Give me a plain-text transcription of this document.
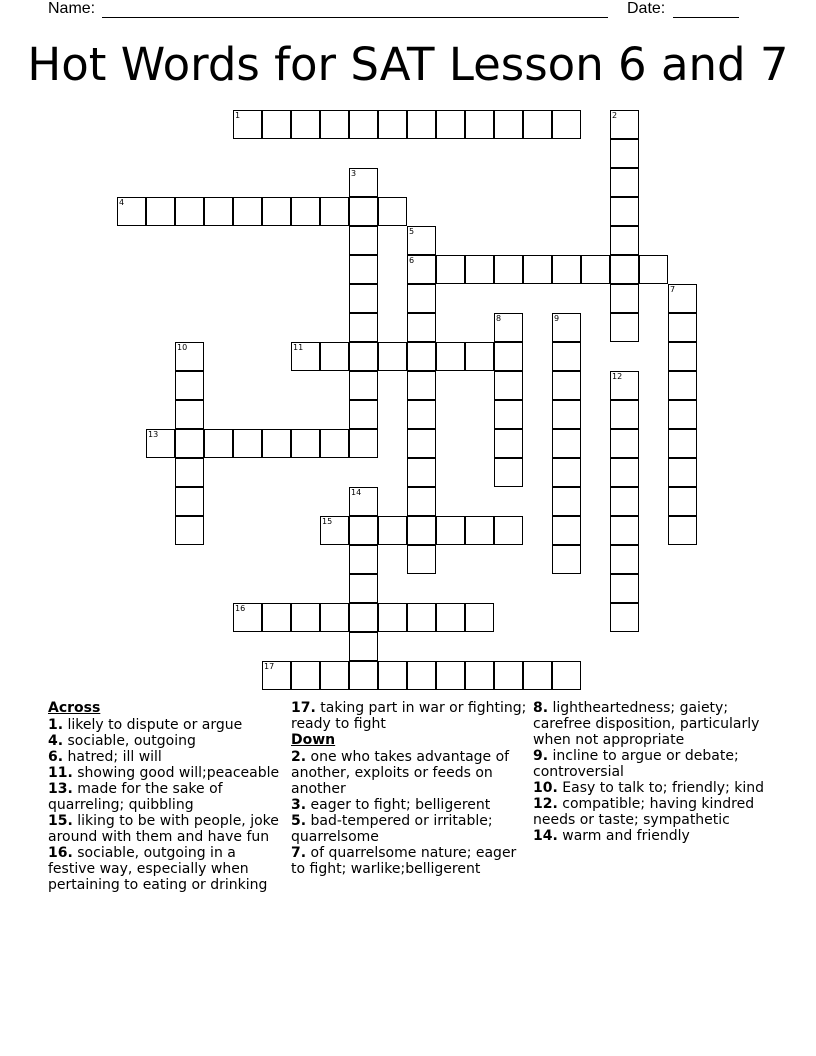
Name:	Date:
Hot Words for SAT Lesson 6 and 7
1	2
3
4
5
6
7
8	9
10	11
12
13
14
15
16
17
Across
1. likely to dispute or argue
4. sociable, outgoing
6. hatred; ill will
11. showing good will;peaceable
13. made for the sake of quarreling; quibbling
15. liking to be with people, joke around with them and have fun
16. sociable, outgoing in a festive way, especially when pertaining to eating or drinking
17. taking part in war or fighting; ready to fight
Down
2. one who takes advantage of another, exploits or feeds on another
3. eager to fight; belligerent
5. bad-tempered or irritable; quarrelsome
7. of quarrelsome nature; eager to fight; warlike;belligerent
8. lightheartedness; gaiety; carefree disposition, particularly when not appropriate
9. incline to argue or debate; controversial
10. Easy to talk to; friendly; kind
12. compatible; having kindred needs or taste; sympathetic
14. warm and friendly
